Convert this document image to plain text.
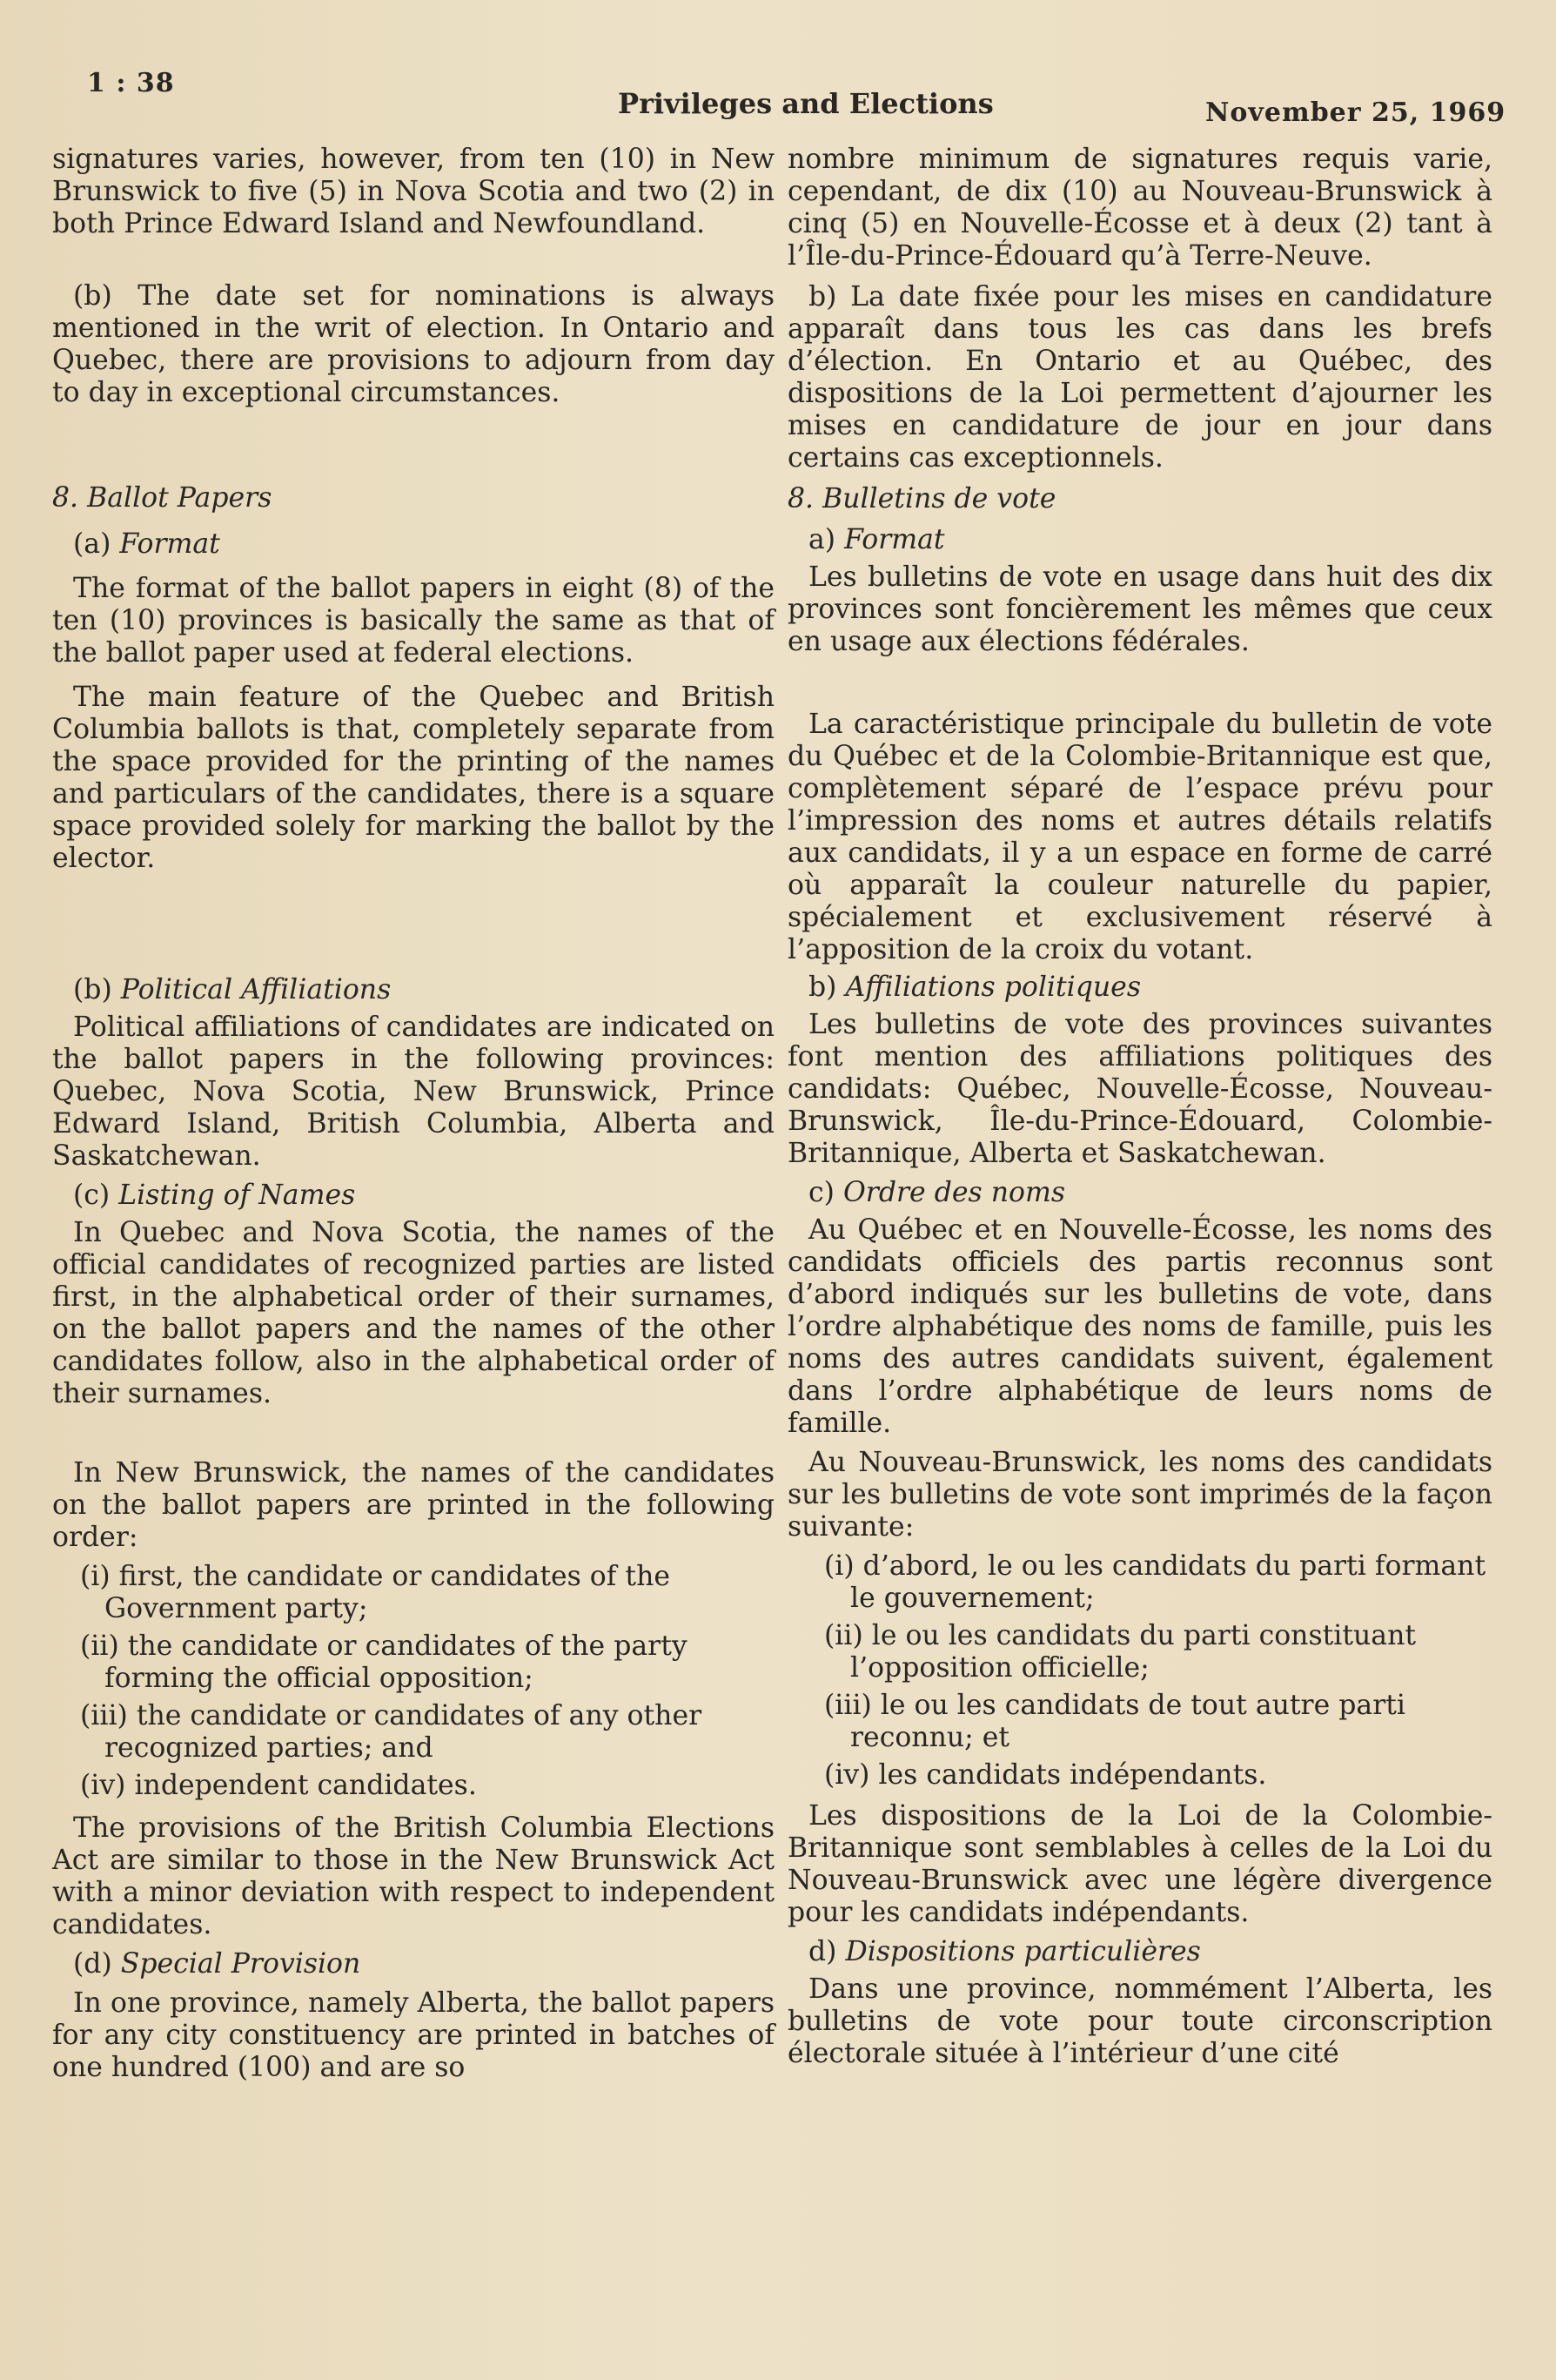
1 : 38
Privileges and Elections	November 25, 1969

signatures varies, however, from ten (10) in New Brunswick to five (5) in Nova Scotia and two (2) in both Prince Edward Island and Newfoundland.

(b) The date set for nominations is always mentioned in the writ of election. In Ontario and Quebec, there are provisions to adjourn from day to day in exceptional circumstances.

8. Ballot Papers

(a) Format

The format of the ballot papers in eight (8) of the ten (10) provinces is basically the same as that of the ballot paper used at federal elections.

The main feature of the Quebec and British Columbia ballots is that, completely separate from the space provided for the printing of the names and particulars of the candidates, there is a square space provided solely for marking the ballot by the elector.

(b) Political Affiliations

Political affiliations of candidates are indicated on the ballot papers in the following provinces: Quebec, Nova Scotia, New Brunswick, Prince Edward Island, British Columbia, Alberta and Saskatchewan.

(c) Listing of Names

In Quebec and Nova Scotia, the names of the official candidates of recognized parties are listed first, in the alphabetical order of their surnames, on the ballot papers and the names of the other candidates follow, also in the alphabetical order of their surnames.

In New Brunswick, the names of the candidates on the ballot papers are printed in the following order:

(i) first, the candidate or candidates of the Government party;

(ii) the candidate or candidates of the party forming the official opposition;

(iii) the candidate or candidates of any other recognized parties; and

(iv) independent candidates.

The provisions of the British Columbia Elections Act are similar to those in the New Brunswick Act with a minor deviation with respect to independent candidates.

(d) Special Provision

In one province, namely Alberta, the ballot papers for any city constituency are printed in batches of one hundred (100) and are so

nombre minimum de signatures requis varie, cependant, de dix (10) au Nouveau-Brunswick à cinq (5) en Nouvelle-Écosse et à deux (2) tant à l’Île-du-Prince-Édouard qu’à Terre-Neuve.

b) La date fixée pour les mises en candidature apparaît dans tous les cas dans les brefs d’élection. En Ontario et au Québec, des dispositions de la Loi permettent d’ajourner les mises en candidature de jour en jour dans certains cas exceptionnels.

8. Bulletins de vote

a) Format

Les bulletins de vote en usage dans huit des dix provinces sont foncièrement les mêmes que ceux en usage aux élections fédérales.

La caractéristique principale du bulletin de vote du Québec et de la Colombie-Britannique est que, complètement séparé de l’espace prévu pour l’impression des noms et autres détails relatifs aux candidats, il y a un espace en forme de carré où apparaît la couleur naturelle du papier, spécialement et exclusivement réservé à l’apposition de la croix du votant.

b) Affiliations politiques

Les bulletins de vote des provinces suivantes font mention des affiliations politiques des candidats: Québec, Nouvelle-Écosse, Nouveau-Brunswick, Île-du-Prince-Édouard, Colombie-Britannique, Alberta et Saskatchewan.

c) Ordre des noms

Au Québec et en Nouvelle-Écosse, les noms des candidats officiels des partis reconnus sont d’abord indiqués sur les bulletins de vote, dans l’ordre alphabétique des noms de famille, puis les noms des autres candidats suivent, également dans l’ordre alphabétique de leurs noms de famille.

Au Nouveau-Brunswick, les noms des candidats sur les bulletins de vote sont imprimés de la façon suivante:

(i) d’abord, le ou les candidats du parti formant le gouvernement;

(ii) le ou les candidats du parti constituant l’opposition officielle;

(iii) le ou les candidats de tout autre parti reconnu; et

(iv) les candidats indépendants.

Les dispositions de la Loi de la Colombie-Britannique sont semblables à celles de la Loi du Nouveau-Brunswick avec une légère divergence pour les candidats indépendants.

d) Dispositions particulières

Dans une province, nommément l’Alberta, les bulletins de vote pour toute circonscription électorale située à l’intérieur d’une cité
